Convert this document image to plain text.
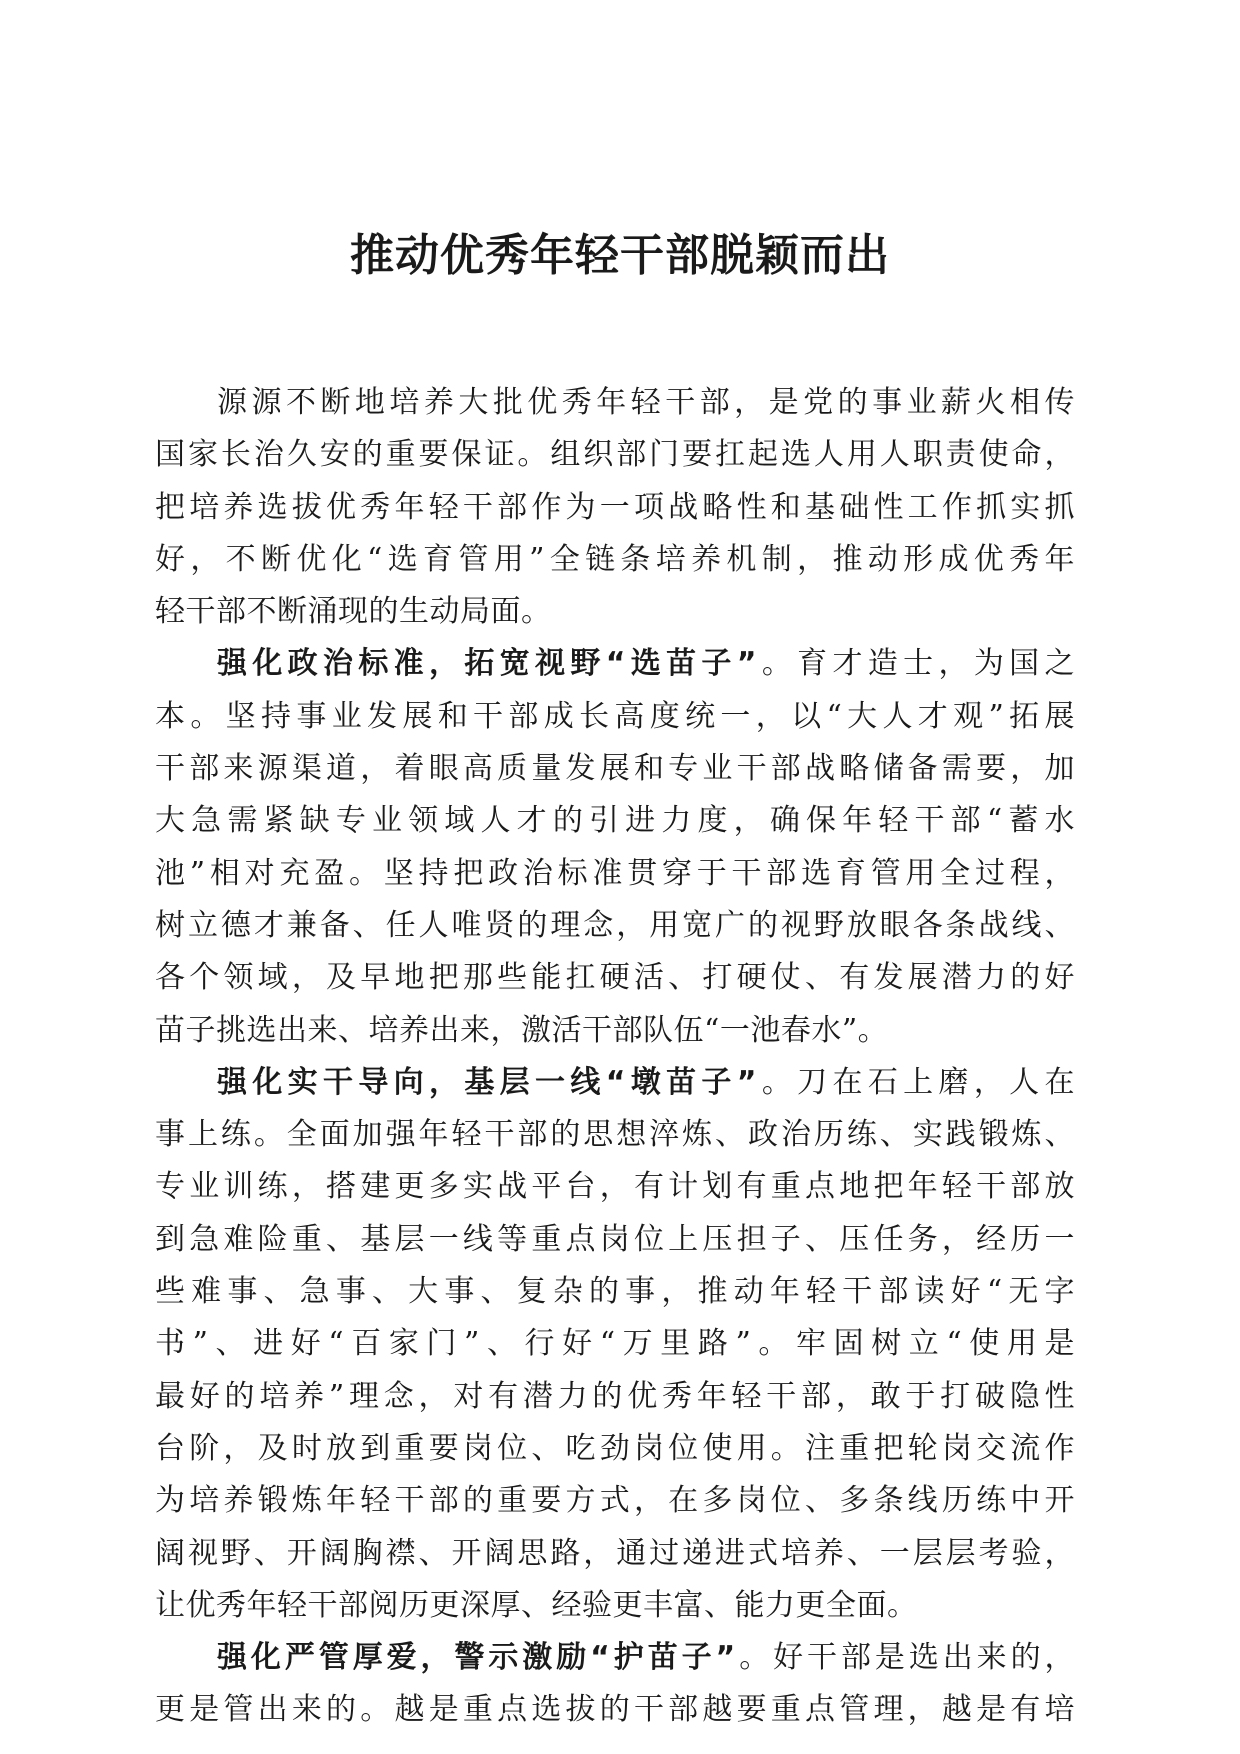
推动优秀年轻干部脱颖而出
源源不断地培养大批优秀年轻干部，是党的事业薪火相传
国家长治久安的重要保证。组织部门要扛起选人用人职责使命，
把培养选拔优秀年轻干部作为一项战略性和基础性工作抓实抓
好，不断优化“选育管用”全链条培养机制，推动形成优秀年
轻干部不断涌现的生动局面。
强化政治标准，拓宽视野“选苗子”。育才造士，为国之
本。坚持事业发展和干部成长高度统一，以“大人才观”拓展
干部来源渠道，着眼高质量发展和专业干部战略储备需要，加
大急需紧缺专业领域人才的引进力度，确保年轻干部“蓄水
池”相对充盈。坚持把政治标准贯穿于干部选育管用全过程，
树立德才兼备、任人唯贤的理念，用宽广的视野放眼各条战线、
各个领域，及早地把那些能扛硬活、打硬仗、有发展潜力的好
苗子挑选出来、培养出来，激活干部队伍“一池春水”。
强化实干导向，基层一线“墩苗子”。刀在石上磨，人在
事上练。全面加强年轻干部的思想淬炼、政治历练、实践锻炼、
专业训练，搭建更多实战平台，有计划有重点地把年轻干部放
到急难险重、基层一线等重点岗位上压担子、压任务，经历一
些难事、急事、大事、复杂的事，推动年轻干部读好“无字
书”、进好“百家门”、行好“万里路”。牢固树立“使用是
最好的培养”理念，对有潜力的优秀年轻干部，敢于打破隐性
台阶，及时放到重要岗位、吃劲岗位使用。注重把轮岗交流作
为培养锻炼年轻干部的重要方式，在多岗位、多条线历练中开
阔视野、开阔胸襟、开阔思路，通过递进式培养、一层层考验，
让优秀年轻干部阅历更深厚、经验更丰富、能力更全面。
强化严管厚爱，警示激励“护苗子”。好干部是选出来的，
更是管出来的。越是重点选拔的干部越要重点管理，越是有培
